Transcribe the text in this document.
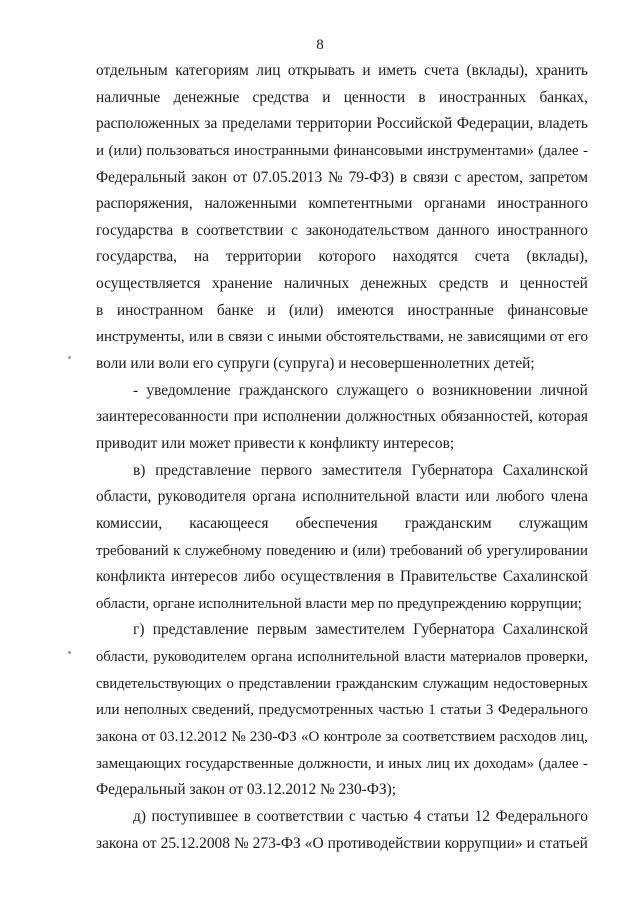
8
отдельным категориям лиц открывать и иметь счета (вклады), хранить
наличные денежные средства и ценности в иностранных банках,
расположенных за пределами территории Российской Федерации, владеть
и (или) пользоваться иностранными финансовыми инструментами» (далее -
Федеральный закон от 07.05.2013 № 79-ФЗ) в связи с арестом, запретом
распоряжения, наложенными компетентными органами иностранного
государства в соответствии с законодательством данного иностранного
государства, на территории которого находятся счета (вклады),
осуществляется хранение наличных денежных средств и ценностей
в иностранном банке и (или) имеются иностранные финансовые
инструменты, или в связи с иными обстоятельствами, не зависящими от его
воли или воли его супруги (супруга) и несовершеннолетних детей;
- уведомление гражданского служащего о возникновении личной
заинтересованности при исполнении должностных обязанностей, которая
приводит или может привести к конфликту интересов;
в) представление первого заместителя Губернатора Сахалинской
области, руководителя органа исполнительной власти или любого члена
комиссии, касающееся обеспечения гражданским служащим
требований к служебному поведению и (или) требований об урегулировании
конфликта интересов либо осуществления в Правительстве Сахалинской
области, органе исполнительной власти мер по предупреждению коррупции;
г) представление первым заместителем Губернатора Сахалинской
области, руководителем органа исполнительной власти материалов проверки,
свидетельствующих о представлении гражданским служащим недостоверных
или неполных сведений, предусмотренных частью 1 статьи 3 Федерального
закона от 03.12.2012 № 230-ФЗ «О контроле за соответствием расходов лиц,
замещающих государственные должности, и иных лиц их доходам» (далее -
Федеральный закон от 03.12.2012 № 230-ФЗ);
д) поступившее в соответствии с частью 4 статьи 12 Федерального
закона от 25.12.2008 № 273-ФЗ «О противодействии коррупции» и статьей
